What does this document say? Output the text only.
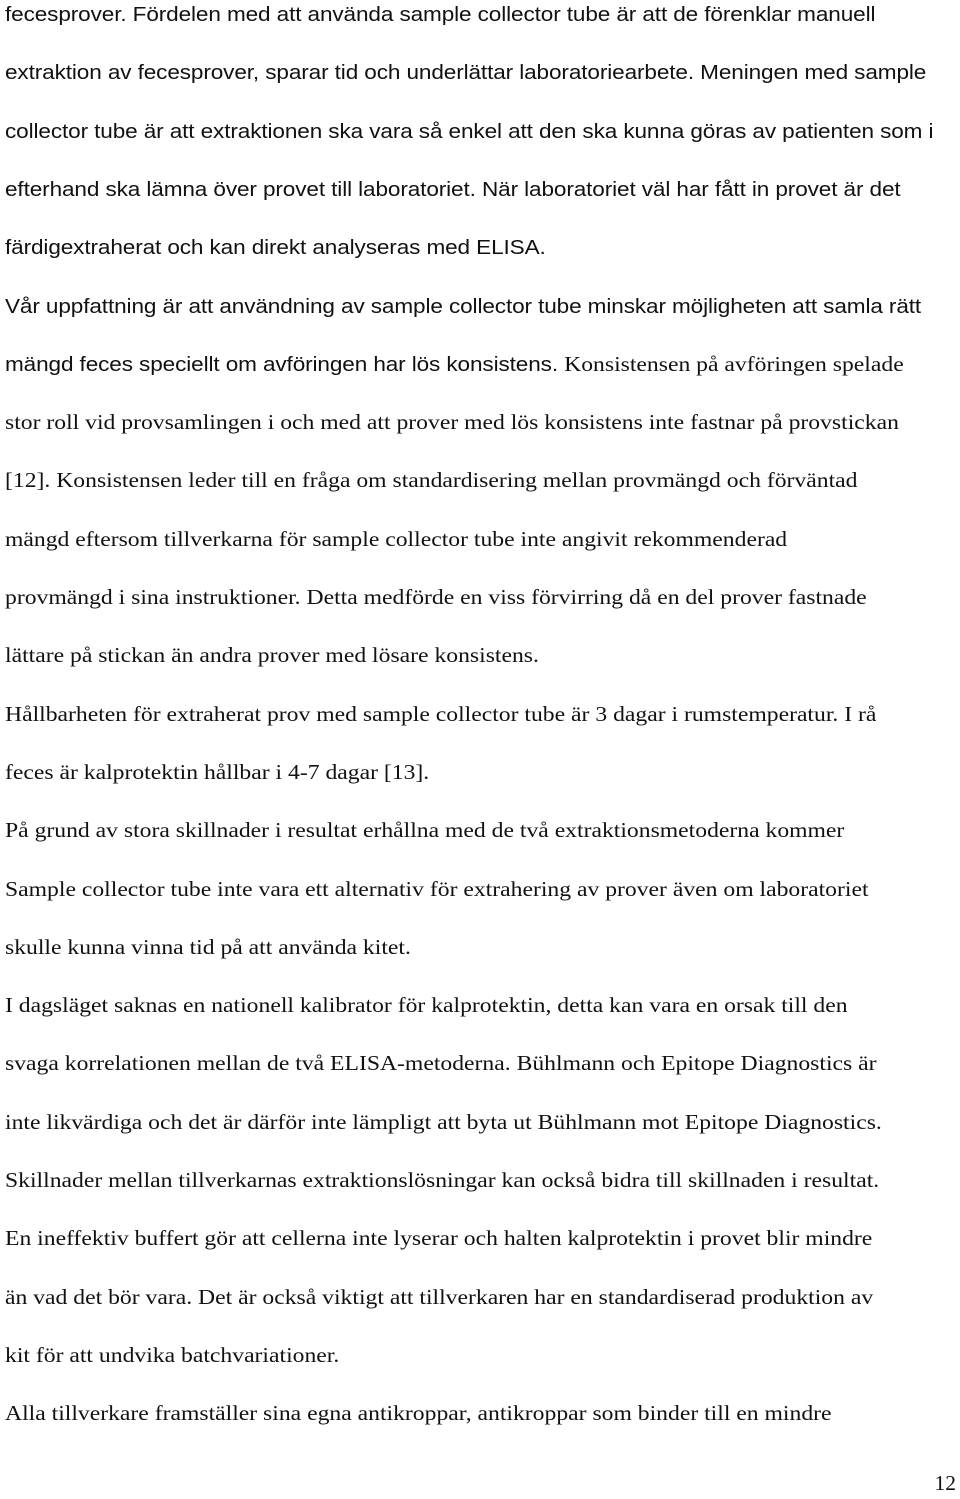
fecesprover. Fördelen med att använda sample collector tube är att de förenklar manuell
extraktion av fecesprover, sparar tid och underlättar laboratoriearbete. Meningen med sample
collector tube är att extraktionen ska vara så enkel att den ska kunna göras av patienten som i
efterhand ska lämna över provet till laboratoriet. När laboratoriet väl har fått in provet är det
färdigextraherat och kan direkt analyseras med ELISA.
Vår uppfattning är att användning av sample collector tube minskar möjligheten att samla rätt
mängd feces speciellt om avföringen har lös konsistens. Konsistensen på avföringen spelade
stor roll vid provsamlingen i och med att prover med lös konsistens inte fastnar på provstickan
[12]. Konsistensen leder till en fråga om standardisering mellan provmängd och förväntad
mängd eftersom tillverkarna för sample collector tube inte angivit rekommenderad
provmängd i sina instruktioner. Detta medförde en viss förvirring då en del prover fastnade
lättare på stickan än andra prover med lösare konsistens.
Hållbarheten för extraherat prov med sample collector tube är 3 dagar i rumstemperatur. I rå
feces är kalprotektin hållbar i 4-7 dagar [13].
På grund av stora skillnader i resultat erhållna med de två extraktionsmetoderna kommer
Sample collector tube inte vara ett alternativ för extrahering av prover även om laboratoriet
skulle kunna vinna tid på att använda kitet.
I dagsläget saknas en nationell kalibrator för kalprotektin, detta kan vara en orsak till den
svaga korrelationen mellan de två ELISA-metoderna. Bühlmann och Epitope Diagnostics är
inte likvärdiga och det är därför inte lämpligt att byta ut Bühlmann mot Epitope Diagnostics.
Skillnader mellan tillverkarnas extraktionslösningar kan också bidra till skillnaden i resultat.
En ineffektiv buffert gör att cellerna inte lyserar och halten kalprotektin i provet blir mindre
än vad det bör vara. Det är också viktigt att tillverkaren har en standardiserad produktion av
kit för att undvika batchvariationer.
Alla tillverkare framställer sina egna antikroppar, antikroppar som binder till en mindre
12
